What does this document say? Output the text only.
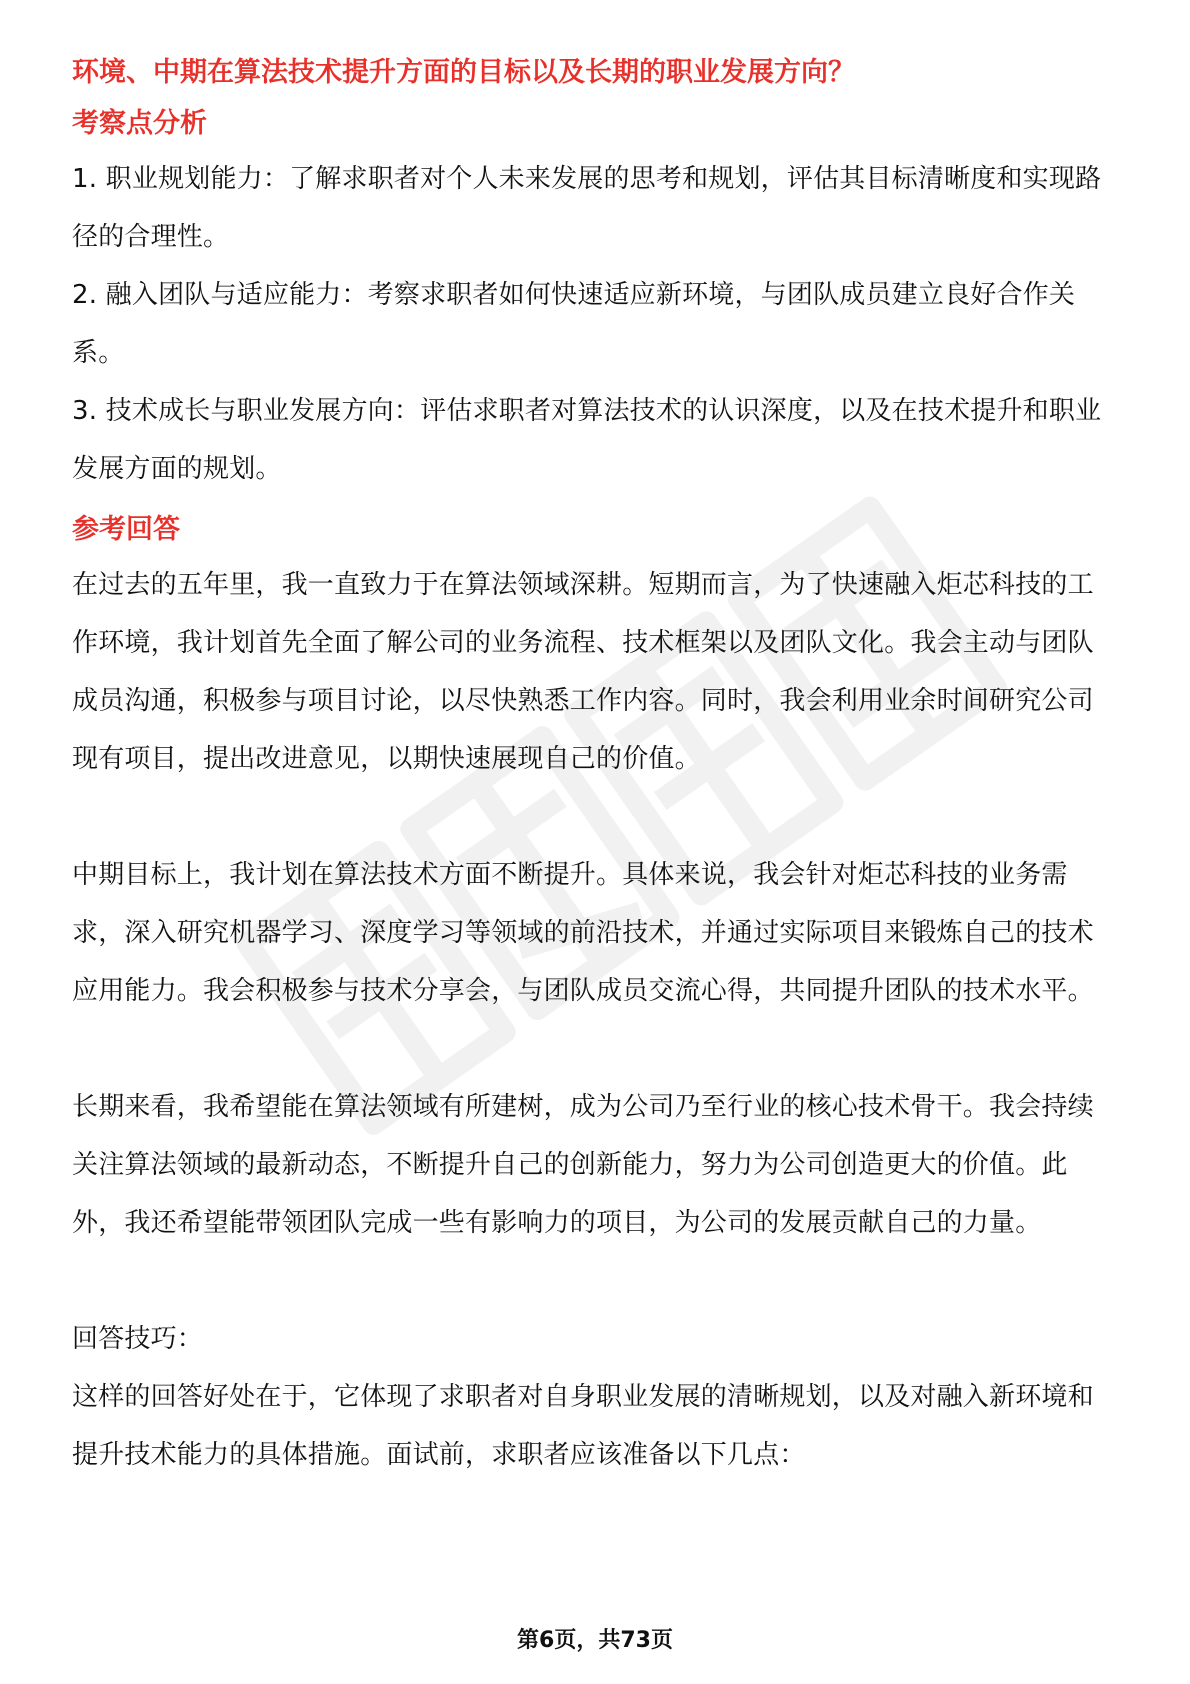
环境、中期在算法技术提升方面的目标以及长期的职业发展方向？

考察点分析

1. 职业规划能力：了解求职者对个人未来发展的思考和规划，评估其目标清晰度和实现路径的合理性。

2. 融入团队与适应能力：考察求职者如何快速适应新环境，与团队成员建立良好合作关系。

3. 技术成长与职业发展方向：评估求职者对算法技术的认识深度，以及在技术提升和职业发展方面的规划。

参考回答

在过去的五年里，我一直致力于在算法领域深耕。短期而言，为了快速融入炬芯科技的工作环境，我计划首先全面了解公司的业务流程、技术框架以及团队文化。我会主动与团队成员沟通，积极参与项目讨论，以尽快熟悉工作内容。同时，我会利用业余时间研究公司现有项目，提出改进意见，以期快速展现自己的价值。

中期目标上，我计划在算法技术方面不断提升。具体来说，我会针对炬芯科技的业务需求，深入研究机器学习、深度学习等领域的前沿技术，并通过实际项目来锻炼自己的技术应用能力。我会积极参与技术分享会，与团队成员交流心得，共同提升团队的技术水平。

长期来看，我希望能在算法领域有所建树，成为公司乃至行业的核心技术骨干。我会持续关注算法领域的最新动态，不断提升自己的创新能力，努力为公司创造更大的价值。此外，我还希望能带领团队完成一些有影响力的项目，为公司的发展贡献自己的力量。

回答技巧：

这样的回答好处在于，它体现了求职者对自身职业发展的清晰规划，以及对融入新环境和提升技术能力的具体措施。面试前，求职者应该准备以下几点：

第6页，共73页
